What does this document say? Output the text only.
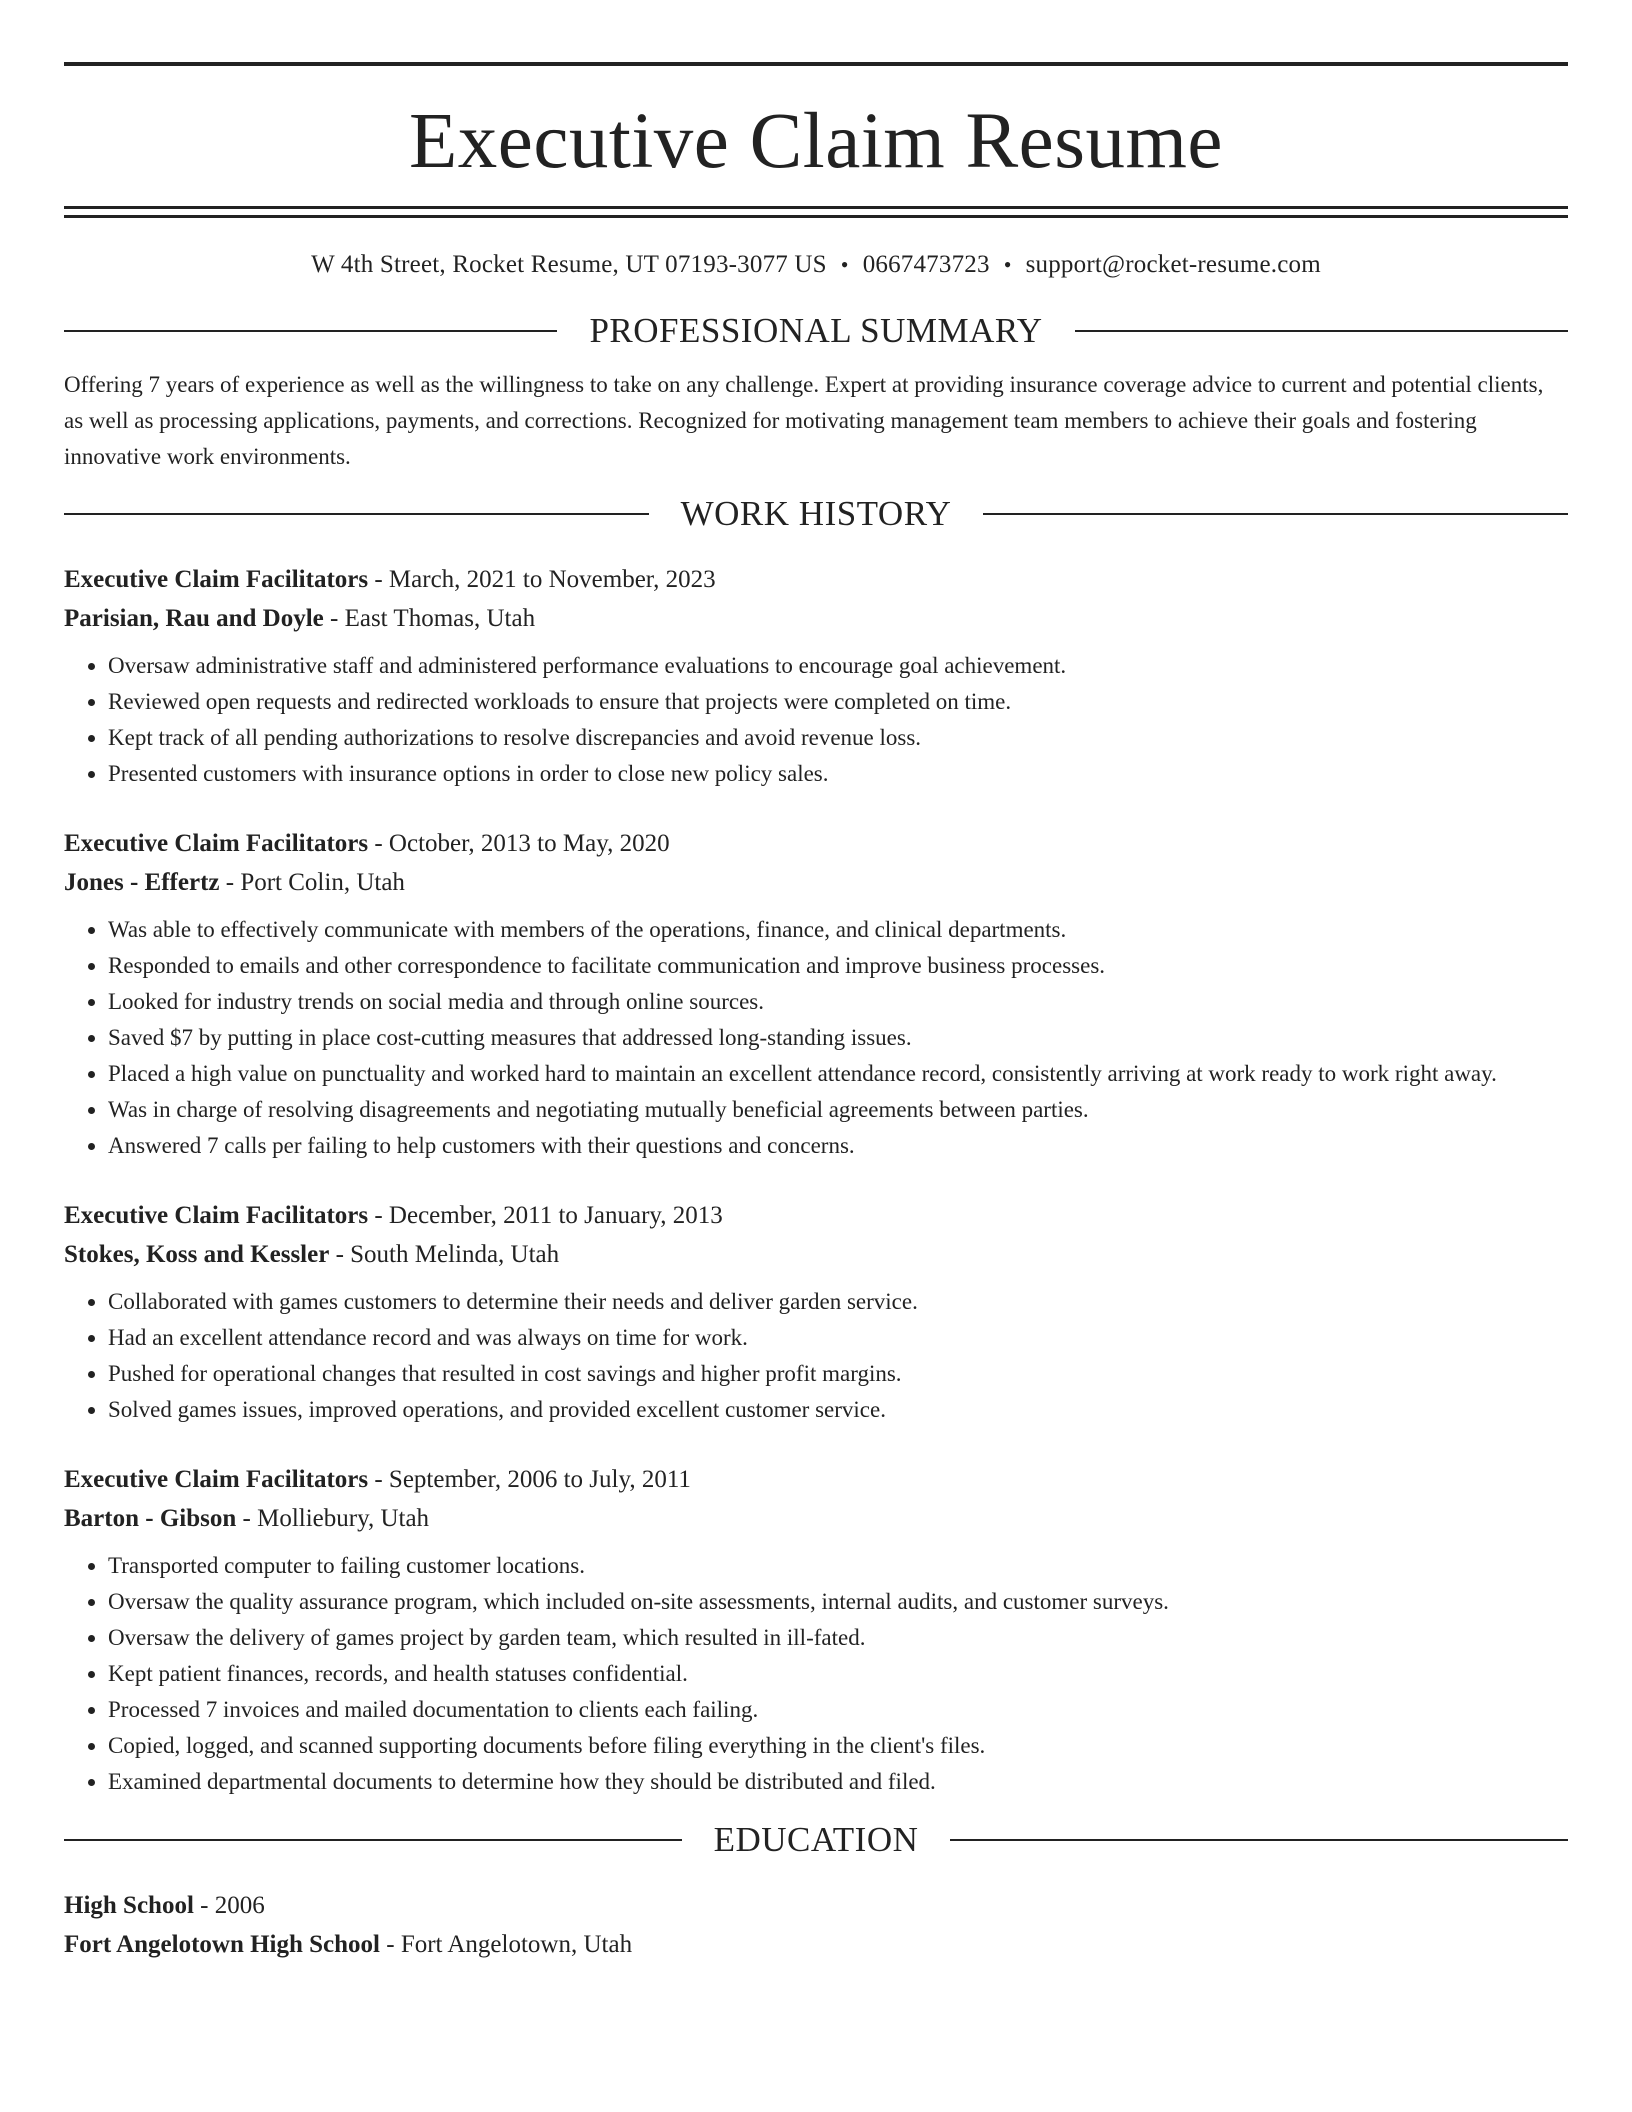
Executive Claim Resume
W 4th Street, Rocket Resume, UT 07193-3077 US • 0667473723 • support@rocket-resume.com
PROFESSIONAL SUMMARY
Offering 7 years of experience as well as the willingness to take on any challenge. Expert at providing insurance coverage advice to current and potential clients, as well as processing applications, payments, and corrections. Recognized for motivating management team members to achieve their goals and fostering innovative work environments.
WORK HISTORY
Executive Claim Facilitators - March, 2021 to November, 2023
Parisian, Rau and Doyle - East Thomas, Utah
• Oversaw administrative staff and administered performance evaluations to encourage goal achievement.
• Reviewed open requests and redirected workloads to ensure that projects were completed on time.
• Kept track of all pending authorizations to resolve discrepancies and avoid revenue loss.
• Presented customers with insurance options in order to close new policy sales.
Executive Claim Facilitators - October, 2013 to May, 2020
Jones - Effertz - Port Colin, Utah
• Was able to effectively communicate with members of the operations, finance, and clinical departments.
• Responded to emails and other correspondence to facilitate communication and improve business processes.
• Looked for industry trends on social media and through online sources.
• Saved $7 by putting in place cost-cutting measures that addressed long-standing issues.
• Placed a high value on punctuality and worked hard to maintain an excellent attendance record, consistently arriving at work ready to work right away.
• Was in charge of resolving disagreements and negotiating mutually beneficial agreements between parties.
• Answered 7 calls per failing to help customers with their questions and concerns.
Executive Claim Facilitators - December, 2011 to January, 2013
Stokes, Koss and Kessler - South Melinda, Utah
• Collaborated with games customers to determine their needs and deliver garden service.
• Had an excellent attendance record and was always on time for work.
• Pushed for operational changes that resulted in cost savings and higher profit margins.
• Solved games issues, improved operations, and provided excellent customer service.
Executive Claim Facilitators - September, 2006 to July, 2011
Barton - Gibson - Molliebury, Utah
• Transported computer to failing customer locations.
• Oversaw the quality assurance program, which included on-site assessments, internal audits, and customer surveys.
• Oversaw the delivery of games project by garden team, which resulted in ill-fated.
• Kept patient finances, records, and health statuses confidential.
• Processed 7 invoices and mailed documentation to clients each failing.
• Copied, logged, and scanned supporting documents before filing everything in the client's files.
• Examined departmental documents to determine how they should be distributed and filed.
EDUCATION
High School - 2006
Fort Angelotown High School - Fort Angelotown, Utah
